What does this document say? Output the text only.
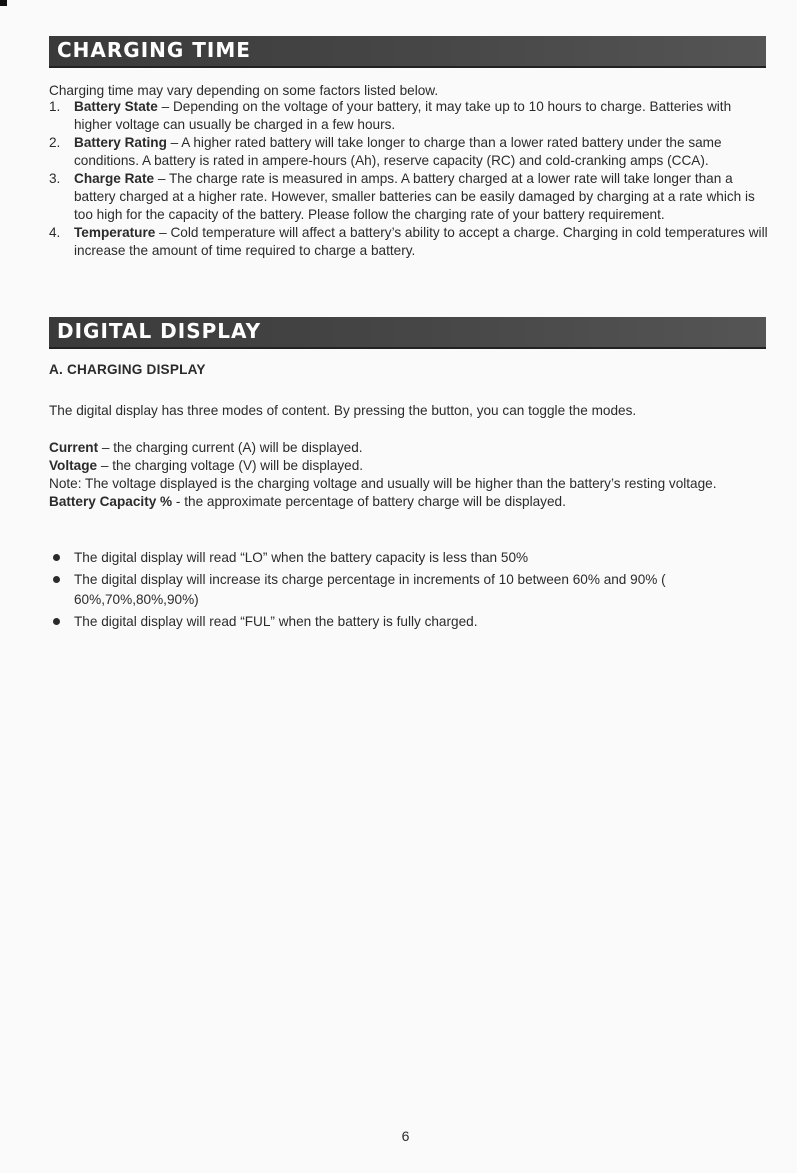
CHARGING TIME
Charging time may vary depending on some factors listed below.
1. Battery State – Depending on the voltage of your battery, it may take up to 10 hours to charge. Batteries with higher voltage can usually be charged in a few hours.
2. Battery Rating – A higher rated battery will take longer to charge than a lower rated battery under the same conditions. A battery is rated in ampere-hours (Ah), reserve capacity (RC) and cold-cranking amps (CCA).
3. Charge Rate – The charge rate is measured in amps. A battery charged at a lower rate will take longer than a battery charged at a higher rate. However, smaller batteries can be easily damaged by charging at a rate which is too high for the capacity of the battery. Please follow the charging rate of your battery requirement.
4. Temperature – Cold temperature will affect a battery’s ability to accept a charge. Charging in cold temperatures will increase the amount of time required to charge a battery.
DIGITAL DISPLAY
A. CHARGING DISPLAY
The digital display has three modes of content. By pressing the button, you can toggle the modes.
Current – the charging current (A) will be displayed.
Voltage – the charging voltage (V) will be displayed.
Note: The voltage displayed is the charging voltage and usually will be higher than the battery’s resting voltage.
Battery Capacity % - the approximate percentage of battery charge will be displayed.
The digital display will read “LO” when the battery capacity is less than 50%
The digital display will increase its charge percentage in increments of 10 between 60% and 90% ( 60%,70%,80%,90%)
The digital display will read “FUL” when the battery is fully charged.
6
